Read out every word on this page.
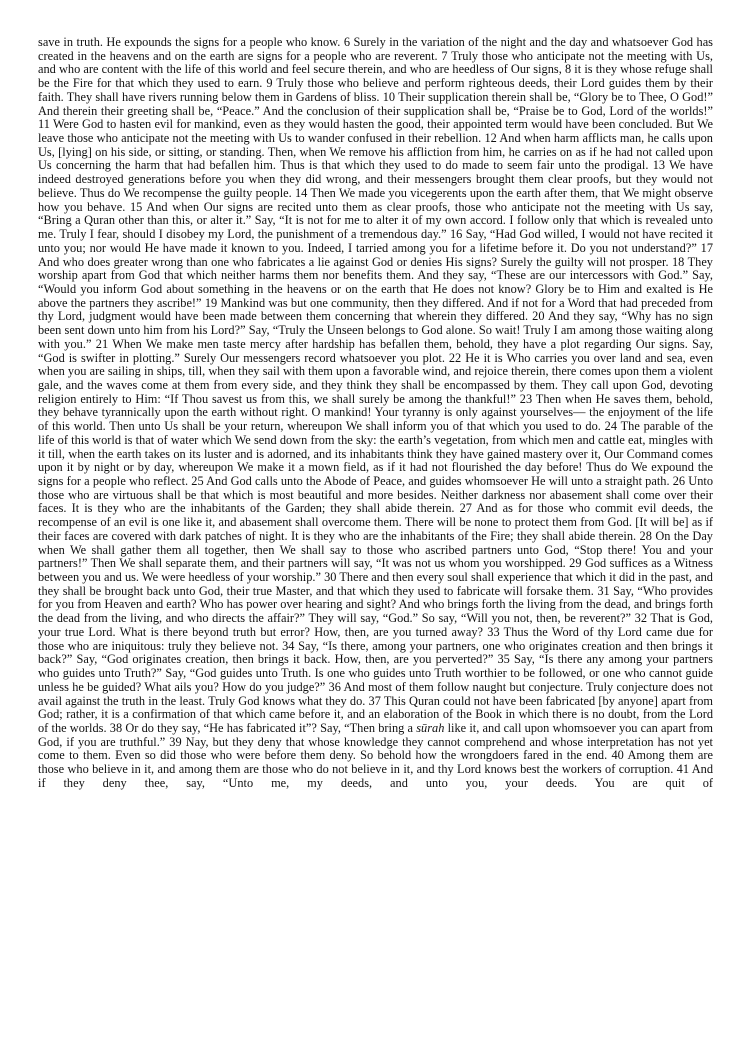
save in truth. He expounds the signs for a people who know. 6 Surely in the variation of the night and the day and whatsoever God has created in the heavens and on the earth are signs for a people who are reverent. 7 Truly those who anticipate not the meeting with Us, and who are content with the life of this world and feel secure therein, and who are heedless of Our signs, 8 it is they whose refuge shall be the Fire for that which they used to earn. 9 Truly those who believe and perform righteous deeds, their Lord guides them by their faith. They shall have rivers running below them in Gardens of bliss. 10 Their supplication therein shall be, “Glory be to Thee, O God!” And therein their greeting shall be, “Peace.” And the conclusion of their supplication shall be, “Praise be to God, Lord of the worlds!” 11 Were God to hasten evil for mankind, even as they would hasten the good, their appointed term would have been concluded. But We leave those who anticipate not the meeting with Us to wander confused in their rebellion. 12 And when harm afflicts man, he calls upon Us, [lying] on his side, or sitting, or standing. Then, when We remove his affliction from him, he carries on as if he had not called upon Us concerning the harm that had befallen him. Thus is that which they used to do made to seem fair unto the prodigal. 13 We have indeed destroyed generations before you when they did wrong, and their messengers brought them clear proofs, but they would not believe. Thus do We recompense the guilty people. 14 Then We made you vicegerents upon the earth after them, that We might observe how you behave. 15 And when Our signs are recited unto them as clear proofs, those who anticipate not the meeting with Us say, “Bring a Quran other than this, or alter it.” Say, “It is not for me to alter it of my own accord. I follow only that which is revealed unto me. Truly I fear, should I disobey my Lord, the punishment of a tremendous day.” 16 Say, “Had God willed, I would not have recited it unto you; nor would He have made it known to you. Indeed, I tarried among you for a lifetime before it. Do you not understand?” 17 And who does greater wrong than one who fabricates a lie against God or denies His signs? Surely the guilty will not prosper. 18 They worship apart from God that which neither harms them nor benefits them. And they say, “These are our intercessors with God.” Say, “Would you inform God about something in the heavens or on the earth that He does not know? Glory be to Him and exalted is He above the partners they ascribe!” 19 Mankind was but one community, then they differed. And if not for a Word that had preceded from thy Lord, judgment would have been made between them concerning that wherein they differed. 20 And they say, “Why has no sign been sent down unto him from his Lord?” Say, “Truly the Unseen belongs to God alone. So wait! Truly I am among those waiting along with you.” 21 When We make men taste mercy after hardship has befallen them, behold, they have a plot regarding Our signs. Say, “God is swifter in plotting.” Surely Our messengers record whatsoever you plot. 22 He it is Who carries you over land and sea, even when you are sailing in ships, till, when they sail with them upon a favorable wind, and rejoice therein, there comes upon them a violent gale, and the waves come at them from every side, and they think they shall be encompassed by them. They call upon God, devoting religion entirely to Him: “If Thou savest us from this, we shall surely be among the thankful!” 23 Then when He saves them, behold, they behave tyrannically upon the earth without right. O mankind! Your tyranny is only against yourselves— the enjoyment of the life of this world. Then unto Us shall be your return, whereupon We shall inform you of that which you used to do. 24 The parable of the life of this world is that of water which We send down from the sky: the earth’s vegetation, from which men and cattle eat, mingles with it till, when the earth takes on its luster and is adorned, and its inhabitants think they have gained mastery over it, Our Command comes upon it by night or by day, whereupon We make it a mown field, as if it had not flourished the day before! Thus do We expound the signs for a people who reflect. 25 And God calls unto the Abode of Peace, and guides whomsoever He will unto a straight path. 26 Unto those who are virtuous shall be that which is most beautiful and more besides. Neither darkness nor abasement shall come over their faces. It is they who are the inhabitants of the Garden; they shall abide therein. 27 And as for those who commit evil deeds, the recompense of an evil is one like it, and abasement shall overcome them. There will be none to protect them from God. [It will be] as if their faces are covered with dark patches of night. It is they who are the inhabitants of the Fire; they shall abide therein. 28 On the Day when We shall gather them all together, then We shall say to those who ascribed partners unto God, “Stop there! You and your partners!” Then We shall separate them, and their partners will say, “It was not us whom you worshipped. 29 God suffices as a Witness between you and us. We were heedless of your worship.” 30 There and then every soul shall experience that which it did in the past, and they shall be brought back unto God, their true Master, and that which they used to fabricate will forsake them. 31 Say, “Who provides for you from Heaven and earth? Who has power over hearing and sight? And who brings forth the living from the dead, and brings forth the dead from the living, and who directs the affair?” They will say, “God.” So say, “Will you not, then, be reverent?” 32 That is God, your true Lord. What is there beyond truth but error? How, then, are you turned away? 33 Thus the Word of thy Lord came due for those who are iniquitous: truly they believe not. 34 Say, “Is there, among your partners, one who originates creation and then brings it back?” Say, “God originates creation, then brings it back. How, then, are you perverted?” 35 Say, “Is there any among your partners who guides unto Truth?” Say, “God guides unto Truth. Is one who guides unto Truth worthier to be followed, or one who cannot guide unless he be guided? What ails you? How do you judge?” 36 And most of them follow naught but conjecture. Truly conjecture does not avail against the truth in the least. Truly God knows what they do. 37 This Quran could not have been fabricated [by anyone] apart from God; rather, it is a confirmation of that which came before it, and an elaboration of the Book in which there is no doubt, from the Lord of the worlds. 38 Or do they say, “He has fabricated it”? Say, “Then bring a sūrah like it, and call upon whomsoever you can apart from God, if you are truthful.” 39 Nay, but they deny that whose knowledge they cannot comprehend and whose interpretation has not yet come to them. Even so did those who were before them deny. So behold how the wrongdoers fared in the end. 40 Among them are those who believe in it, and among them are those who do not believe in it, and thy Lord knows best the workers of corruption. 41 And if they deny thee, say, “Unto me, my deeds, and unto you, your deeds. You are quit of
